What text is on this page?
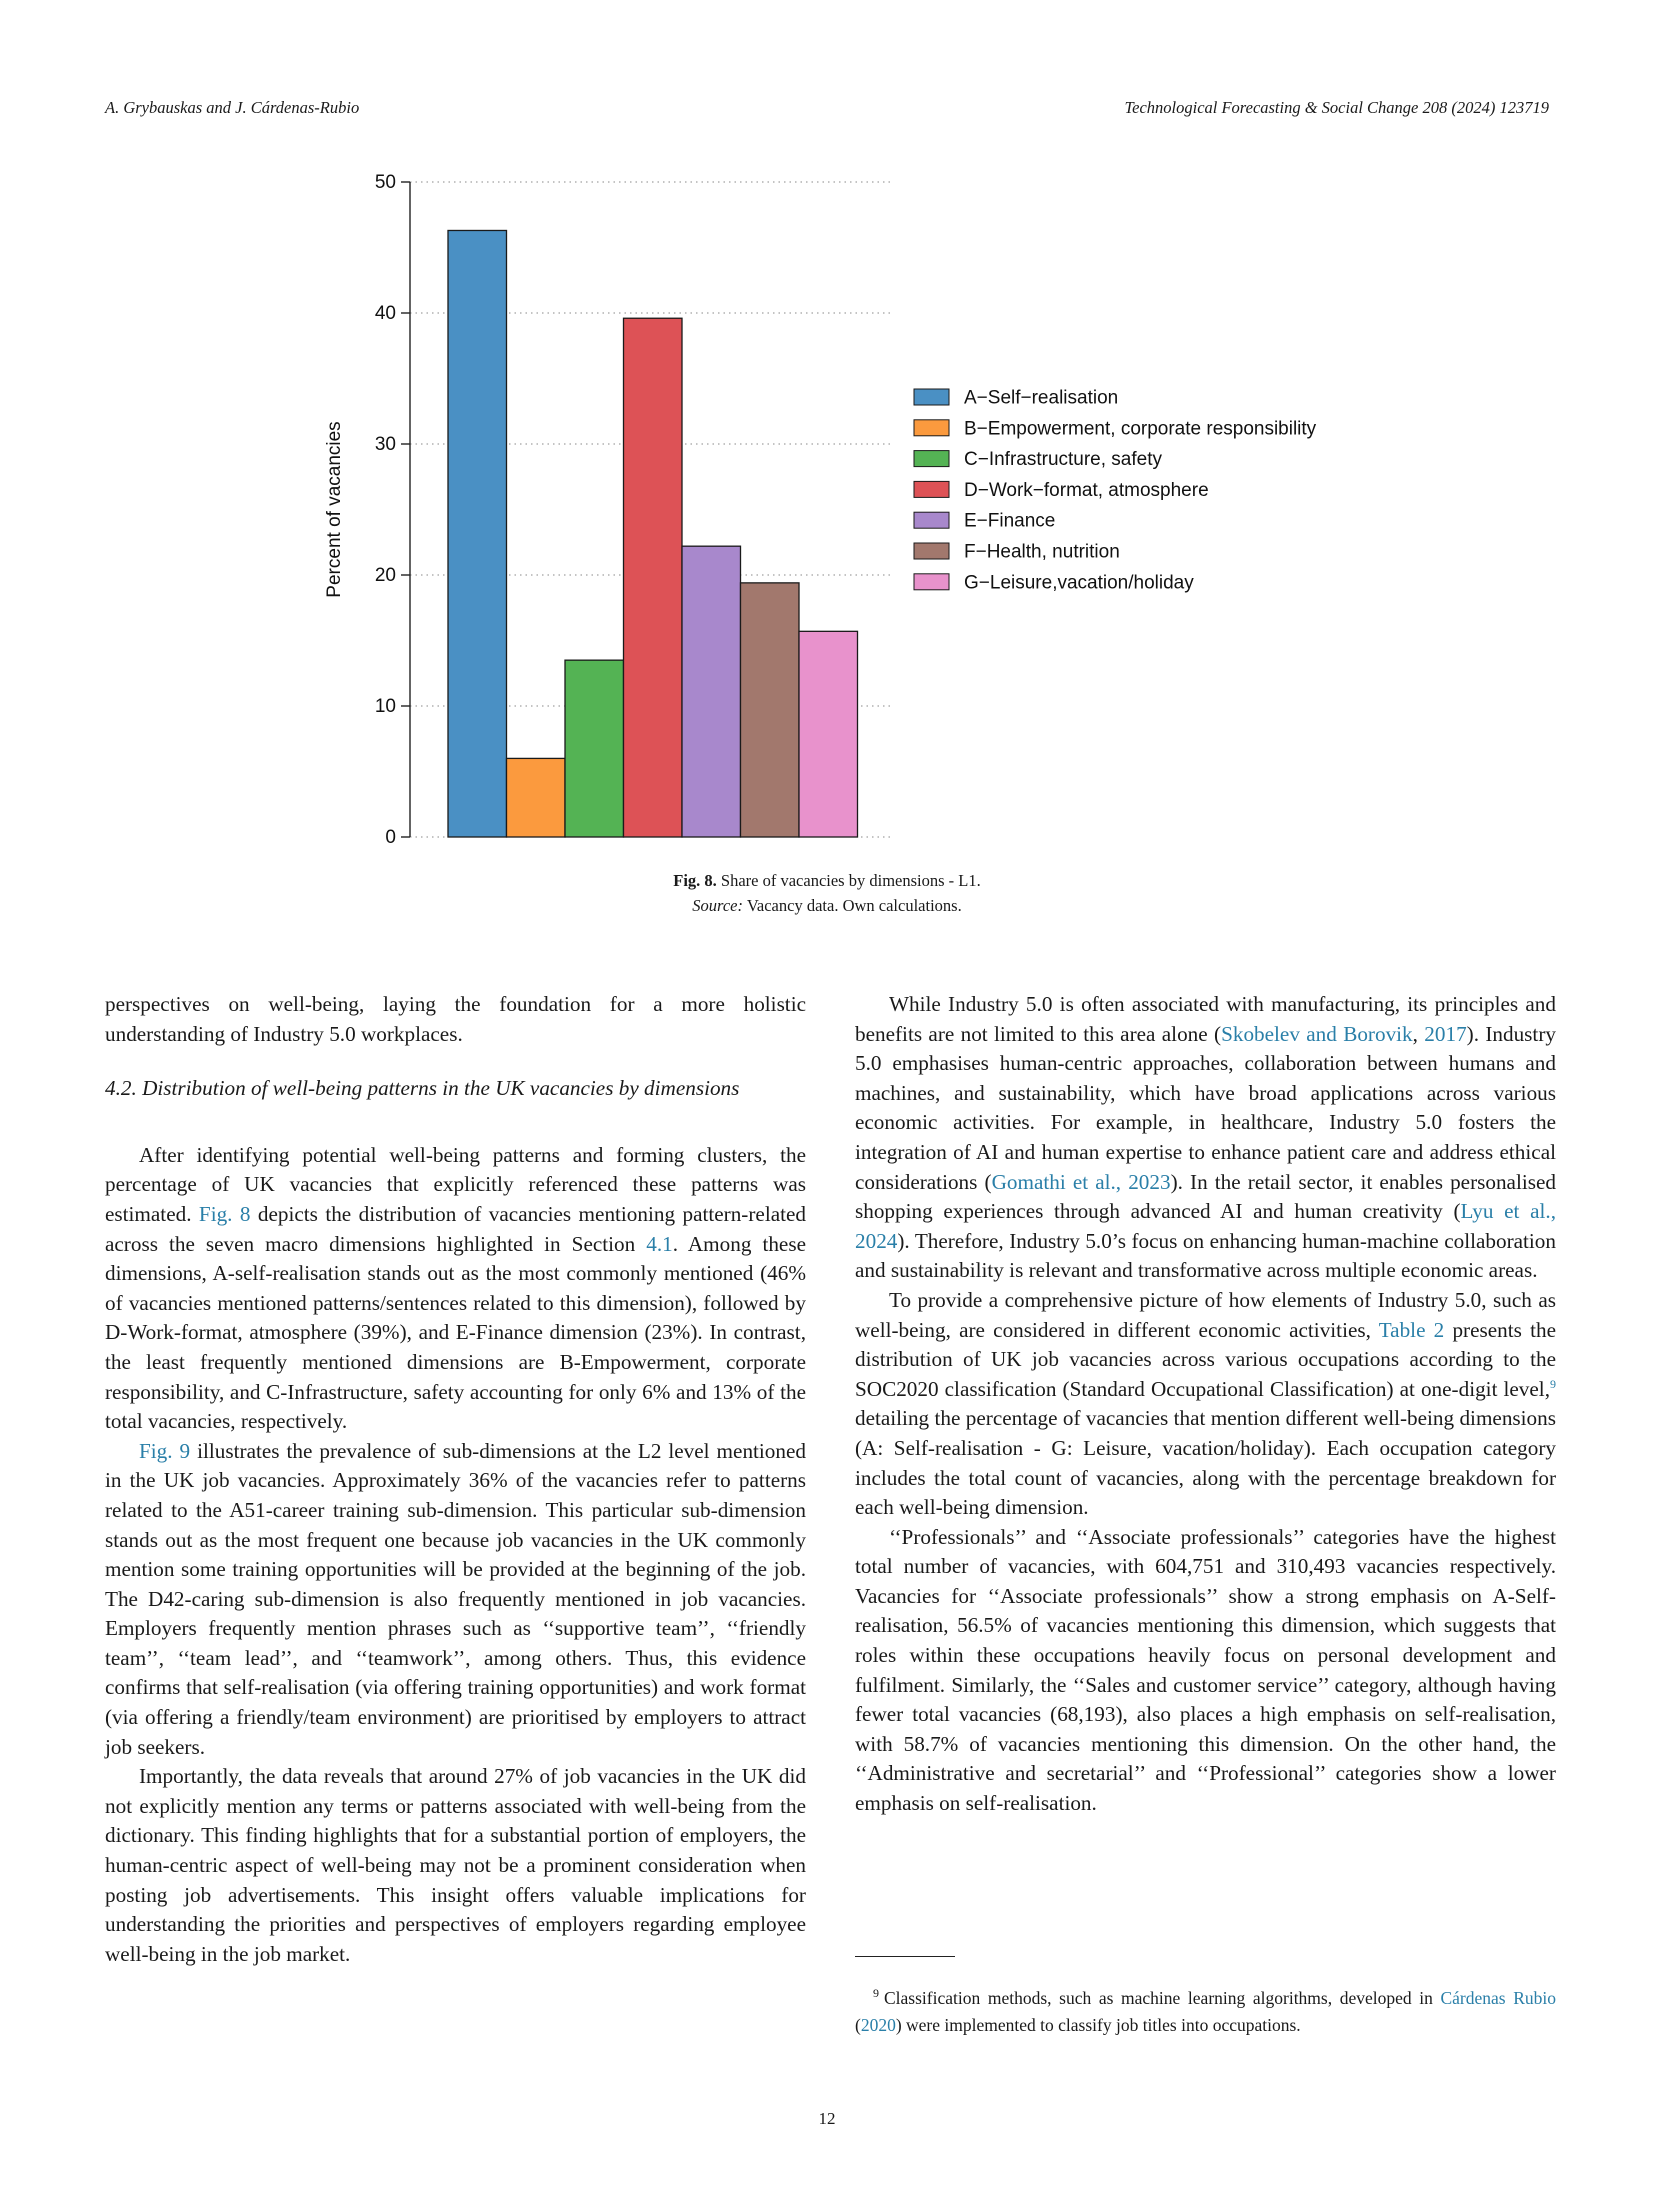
A. Grybauskas and J. Cárdenas-Rubio	Technological Forecasting & Social Change 208 (2024) 123719
0
10
20
30
40
50
Percent of vacancies
A−Self−realisation
B−Empowerment, corporate responsibility
C−Infrastructure, safety
D−Work−format, atmosphere
E−Finance
F−Health, nutrition
G−Leisure,vacation/holiday
Fig. 8. Share of vacancies by dimensions - L1.
Source: Vacancy data. Own calculations.

perspectives on well-being, laying the foundation for a more holistic understanding of Industry 5.0 workplaces.

4.2. Distribution of well-being patterns in the UK vacancies by dimensions

After identifying potential well-being patterns and forming clusters, the percentage of UK vacancies that explicitly referenced these patterns was estimated. Fig. 8 depicts the distribution of vacancies mentioning pattern-related across the seven macro dimensions highlighted in Section 4.1. Among these dimensions, A-self-realisation stands out as the most commonly mentioned (46% of vacancies mentioned patterns/sentences related to this dimension), followed by D-Work-format, atmosphere (39%), and E-Finance dimension (23%). In contrast, the least frequently mentioned dimensions are B-Empowerment, corporate responsibility, and C-Infrastructure, safety accounting for only 6% and 13% of the total vacancies, respectively.

Fig. 9 illustrates the prevalence of sub-dimensions at the L2 level mentioned in the UK job vacancies. Approximately 36% of the vacancies refer to patterns related to the A51-career training sub-dimension. This particular sub-dimension stands out as the most frequent one because job vacancies in the UK commonly mention some training opportunities will be provided at the beginning of the job. The D42-caring sub-dimension is also frequently mentioned in job vacancies. Employers frequently mention phrases such as ‘‘supportive team’’, ‘‘friendly team’’, ‘‘team lead’’, and ‘‘teamwork’’, among others. Thus, this evidence confirms that self-realisation (via offering training opportunities) and work format (via offering a friendly/team environment) are prioritised by employers to attract job seekers.

Importantly, the data reveals that around 27% of job vacancies in the UK did not explicitly mention any terms or patterns associated with well-being from the dictionary. This finding highlights that for a substantial portion of employers, the human-centric aspect of well-being may not be a prominent consideration when posting job advertisements. This insight offers valuable implications for understanding the priorities and perspectives of employers regarding employee well-being in the job market.

While Industry 5.0 is often associated with manufacturing, its principles and benefits are not limited to this area alone (Skobelev and Borovik, 2017). Industry 5.0 emphasises human-centric approaches, collaboration between humans and machines, and sustainability, which have broad applications across various economic activities. For example, in healthcare, Industry 5.0 fosters the integration of AI and human expertise to enhance patient care and address ethical considerations (Gomathi et al., 2023). In the retail sector, it enables personalised shopping experiences through advanced AI and human creativity (Lyu et al., 2024). Therefore, Industry 5.0’s focus on enhancing human-machine collaboration and sustainability is relevant and transformative across multiple economic areas.

To provide a comprehensive picture of how elements of Industry 5.0, such as well-being, are considered in different economic activities, Table 2 presents the distribution of UK job vacancies across various occupations according to the SOC2020 classification (Standard Occupational Classification) at one-digit level,$^9$ detailing the percentage of vacancies that mention different well-being dimensions (A: Self-realisation - G: Leisure, vacation/holiday). Each occupation category includes the total count of vacancies, along with the percentage breakdown for each well-being dimension.

‘‘Professionals’’ and ‘‘Associate professionals’’ categories have the highest total number of vacancies, with 604,751 and 310,493 vacancies respectively. Vacancies for ‘‘Associate professionals’’ show a strong emphasis on A-Self-realisation, 56.5% of vacancies mentioning this dimension, which suggests that roles within these occupations heavily focus on personal development and fulfilment. Similarly, the ‘‘Sales and customer service’’ category, although having fewer total vacancies (68,193), also places a high emphasis on self-realisation, with 58.7% of vacancies mentioning this dimension. On the other hand, the ‘‘Administrative and secretarial’’ and ‘‘Professional’’ categories show a lower emphasis on self-realisation.

$^9$ Classification methods, such as machine learning algorithms, developed in Cárdenas Rubio (2020) were implemented to classify job titles into occupations.
12
